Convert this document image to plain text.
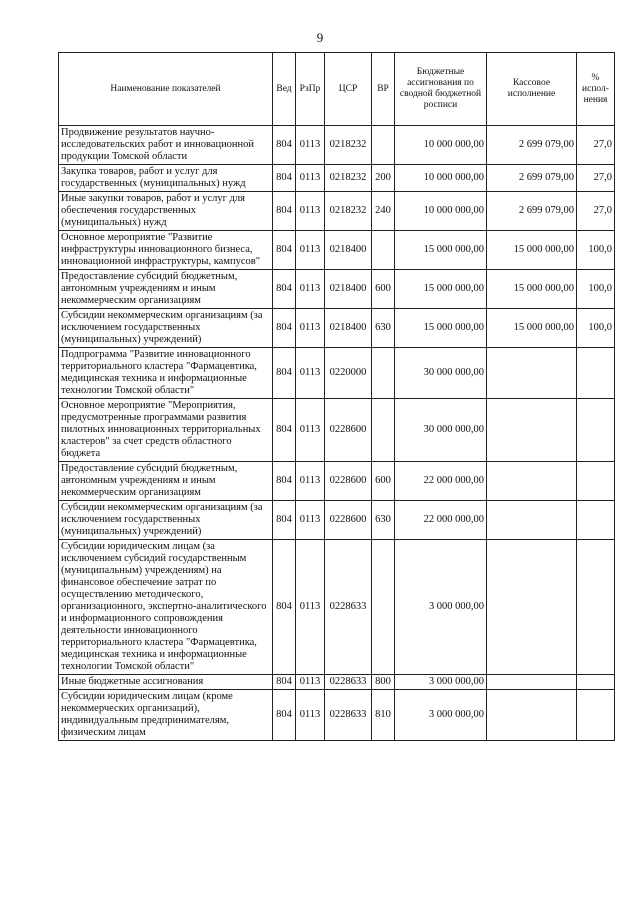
9
Наименование показателей	Вед	РзПр	ЦСР	ВР	Бюджетные ассигнования по сводной бюджетной росписи	Кассовое исполнение	% испол-нения
Продвижение результатов научно-исследовательских работ и инновационной продукции Томской области	804	0113	0218232		10 000 000,00	2 699 079,00	27,0
Закупка товаров, работ и услуг для государственных (муниципальных) нужд	804	0113	0218232	200	10 000 000,00	2 699 079,00	27,0
Иные закупки товаров, работ и услуг для обеспечения государственных (муниципальных) нужд	804	0113	0218232	240	10 000 000,00	2 699 079,00	27,0
Основное мероприятие "Развитие инфраструктуры инновационного бизнеса, инновационной инфраструктуры, кампусов"	804	0113	0218400		15 000 000,00	15 000 000,00	100,0
Предоставление субсидий бюджетным, автономным учреждениям и иным некоммерческим организациям	804	0113	0218400	600	15 000 000,00	15 000 000,00	100,0
Субсидии некоммерческим организациям (за исключением государственных (муниципальных) учреждений)	804	0113	0218400	630	15 000 000,00	15 000 000,00	100,0
Подпрограмма "Развитие инновационного территориального кластера "Фармацевтика, медицинская техника и информационные технологии Томской области"	804	0113	0220000		30 000 000,00		
Основное мероприятие "Мероприятия, предусмотренные программами развития пилотных инновационных территориальных кластеров" за счет средств областного бюджета	804	0113	0228600		30 000 000,00		
Предоставление субсидий бюджетным, автономным учреждениям и иным некоммерческим организациям	804	0113	0228600	600	22 000 000,00		
Субсидии некоммерческим организациям (за исключением государственных (муниципальных) учреждений)	804	0113	0228600	630	22 000 000,00		
Субсидии юридическим лицам (за исключением субсидий государственным (муниципальным) учреждениям) на финансовое обеспечение затрат по осуществлению методического, организационного, экспертно-аналитического и информационного сопровождения деятельности инновационного территориального кластера "Фармацевтика, медицинская техника и информационные технологии Томской области"	804	0113	0228633		3 000 000,00		
Иные бюджетные ассигнования	804	0113	0228633	800	3 000 000,00		
Субсидии юридическим лицам (кроме некоммерческих организаций), индивидуальным предпринимателям, физическим лицам	804	0113	0228633	810	3 000 000,00		
